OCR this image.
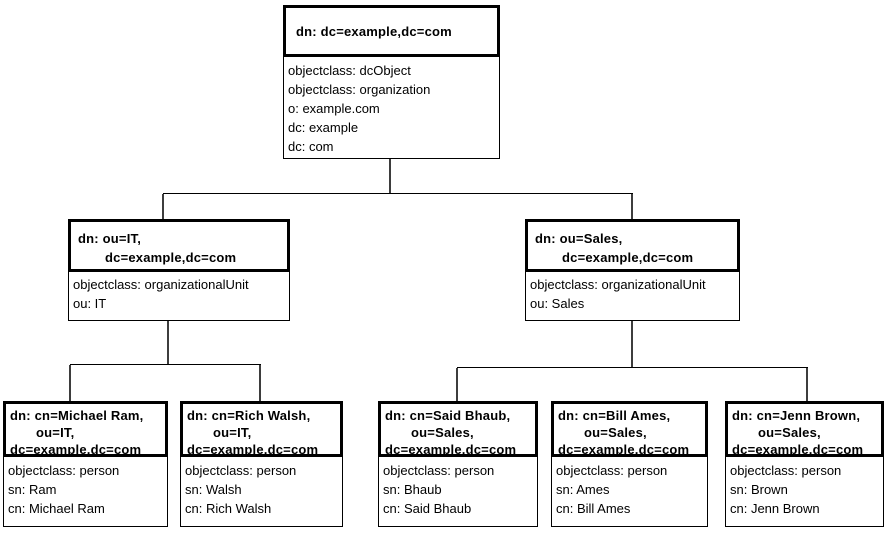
dn: dc=example,dc=com
objectclass: dcObject
objectclass: organization
o: example.com
dc: example
dc: com
dn: ou=IT,
dc=example,dc=com
objectclass: organizationalUnit
ou: IT
dn: ou=Sales,
dc=example,dc=com
objectclass: organizationalUnit
ou: Sales
dn: cn=Michael Ram,
ou=IT,
dc=example,dc=com
objectclass: person
sn: Ram
cn: Michael Ram
dn: cn=Rich Walsh,
ou=IT,
dc=example,dc=com
objectclass: person
sn: Walsh
cn: Rich Walsh
dn: cn=Said Bhaub,
ou=Sales,
dc=example,dc=com
objectclass: person
sn: Bhaub
cn: Said Bhaub
dn: cn=Bill Ames,
ou=Sales,
dc=example,dc=com
objectclass: person
sn: Ames
cn: Bill Ames
dn: cn=Jenn Brown,
ou=Sales,
dc=example,dc=com
objectclass: person
sn: Brown
cn: Jenn Brown
